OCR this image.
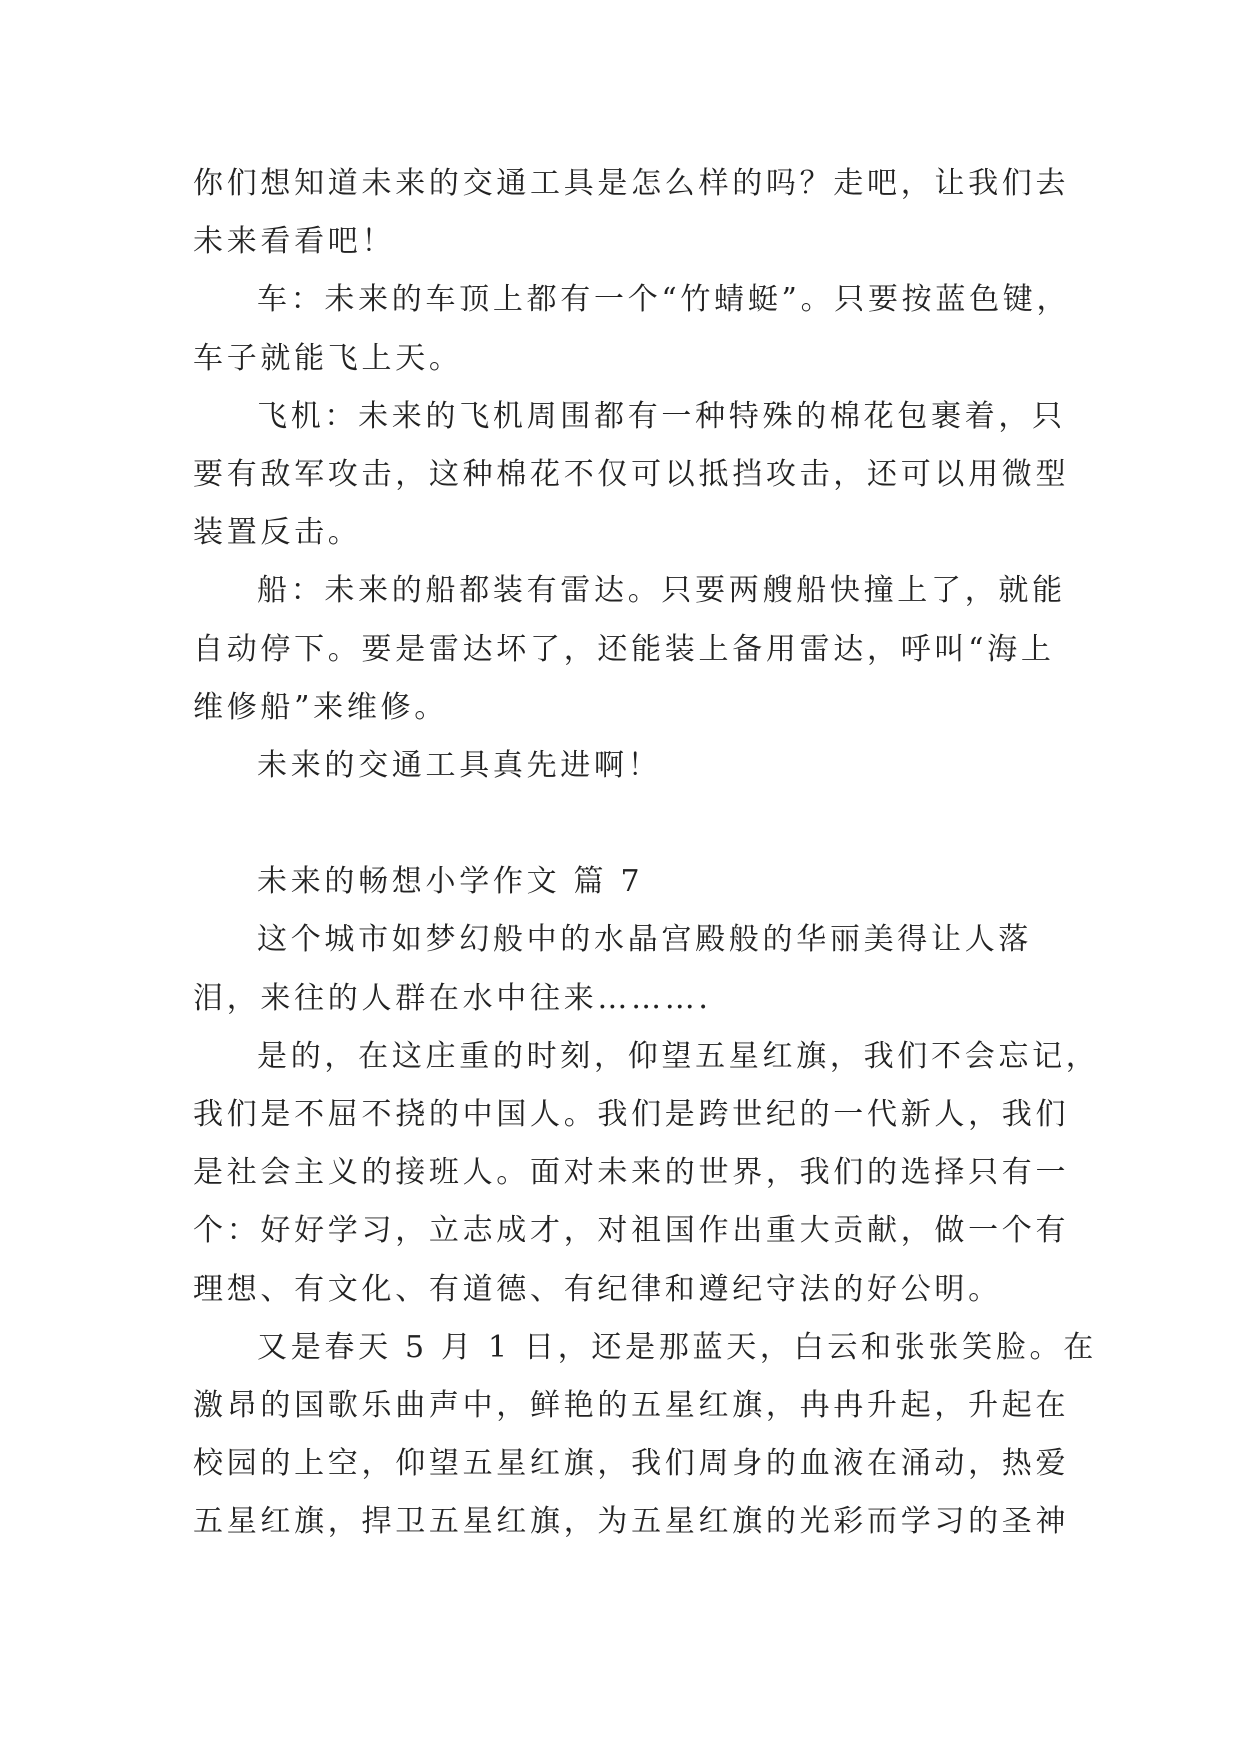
你们想知道未来的交通工具是怎么样的吗？走吧，让我们去

未来看看吧！

车：未来的车顶上都有一个“竹蜻蜓”。只要按蓝色键，

车子就能飞上天。

飞机：未来的飞机周围都有一种特殊的棉花包裹着，只

要有敌军攻击，这种棉花不仅可以抵挡攻击，还可以用微型

装置反击。

船：未来的船都装有雷达。只要两艘船快撞上了，就能

自动停下。要是雷达坏了，还能装上备用雷达，呼叫“海上

维修船”来维修。

未来的交通工具真先进啊！

未来的畅想小学作文 篇 7

这个城市如梦幻般中的水晶宫殿般的华丽美得让人落

泪，来往的人群在水中往来………．

是的，在这庄重的时刻，仰望五星红旗，我们不会忘记，

我们是不屈不挠的中国人。我们是跨世纪的一代新人，我们

是社会主义的接班人。面对未来的世界，我们的选择只有一

个：好好学习，立志成才，对祖国作出重大贡献，做一个有

理想、有文化、有道德、有纪律和遵纪守法的好公明。

又是春天 5 月 1 日，还是那蓝天，白云和张张笑脸。在

激昂的国歌乐曲声中，鲜艳的五星红旗，冉冉升起，升起在

校园的上空，仰望五星红旗，我们周身的血液在涌动，热爱

五星红旗，捍卫五星红旗，为五星红旗的光彩而学习的圣神
